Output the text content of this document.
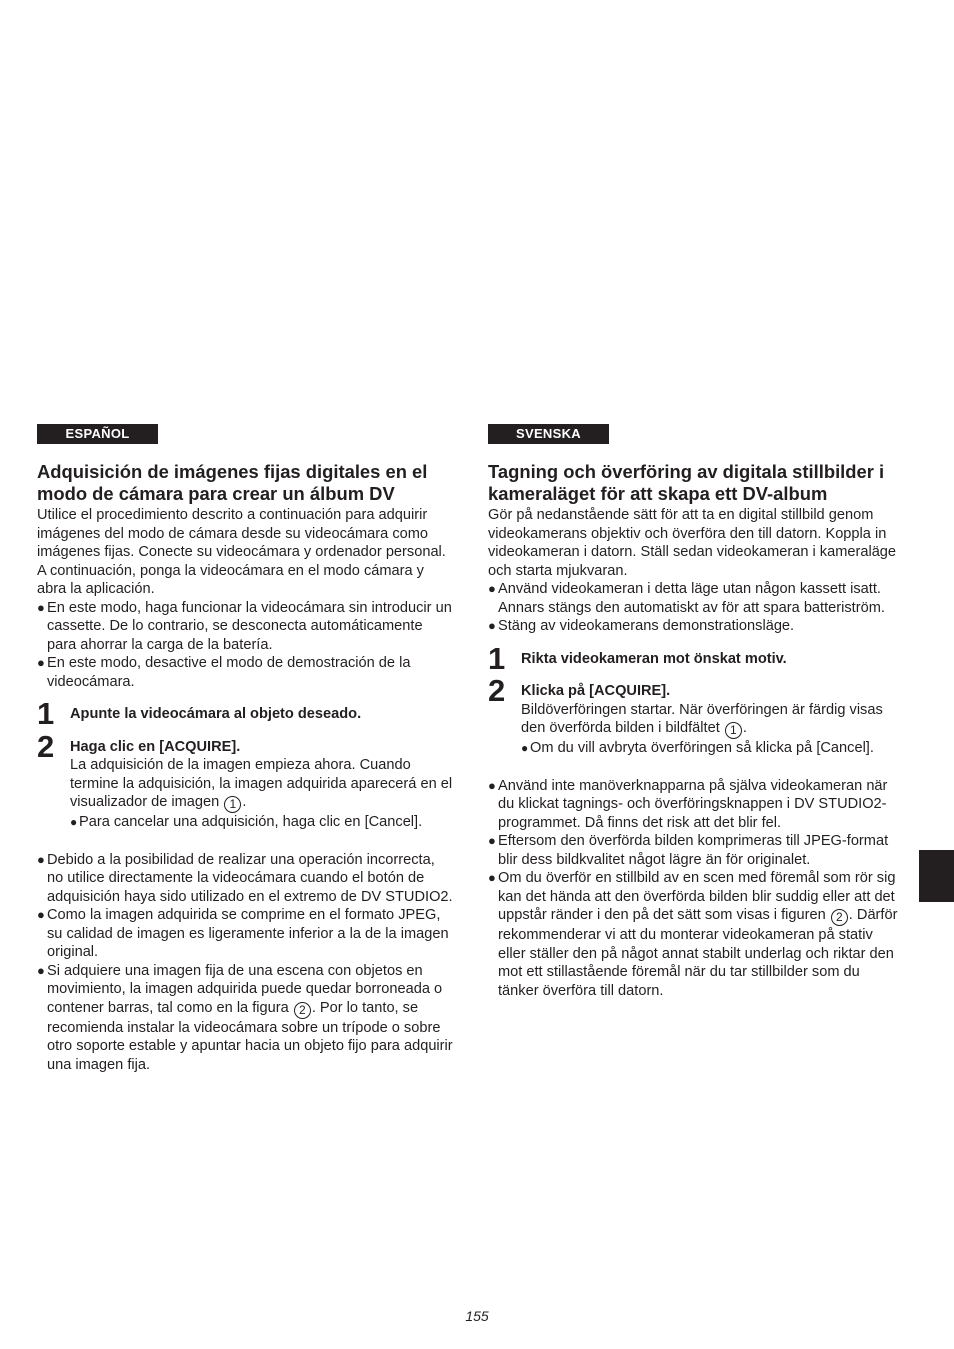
ESPAÑOL
Adquisición de imágenes fijas digitales en el modo de cámara para crear un álbum DV

Utilice el procedimiento descrito a continuación para adquirir imágenes del modo de cámara desde su videocámara como imágenes fijas. Conecte su videocámara y ordenador personal. A continuación, ponga la videocámara en el modo cámara y abra la aplicación.

● En este modo, haga funcionar la videocámara sin introducir un cassette. De lo contrario, se desconecta automáticamente para ahorrar la carga de la batería.
● En este modo, desactive el modo de demostración de la videocámara.
1 Apunte la videocámara al objeto deseado.

2 Haga clic en [ACQUIRE].

La adquisición de la imagen empieza ahora. Cuando termine la adquisición, la imagen adquirida aparecerá en el visualizador de imagen 1 .

● Para cancelar una adquisición, haga clic en [Cancel].
● Debido a la posibilidad de realizar una operación incorrecta, no utilice directamente la videocámara cuando el botón de adquisición haya sido utilizado en el extremo de DV STUDIO2.
● Como la imagen adquirida se comprime en el formato JPEG, su calidad de imagen es ligeramente inferior a la de la imagen original.
● Si adquiere una imagen fija de una escena con objetos en movimiento, la imagen adquirida puede quedar borroneada o contener barras, tal como en la figura 2 . Por lo tanto, se recomienda instalar la videocámara sobre un trípode o sobre otro soporte estable y apuntar hacia un objeto fijo para adquirir una imagen fija.
SVENSKA
Tagning och överföring av digitala stillbilder i kameraläget för att skapa ett DV-album

Gör på nedanstående sätt för att ta en digital stillbild genom videokamerans objektiv och överföra den till datorn. Koppla in videokameran i datorn. Ställ sedan videokameran i kameraläge och starta mjukvaran.

● Använd videokameran i detta läge utan någon kassett isatt. Annars stängs den automatiskt av för att spara batteriström.
● Stäng av videokamerans demonstrationsläge.
1 Rikta videokameran mot önskat motiv.

2 Klicka på [ACQUIRE].

Bildöverföringen startar. När överföringen är färdig visas den överförda bilden i bildfältet 1 .

● Om du vill avbryta överföringen så klicka på [Cancel].
● Använd inte manöverknapparna på själva videokameran när du klickat tagnings- och överföringsknappen i DV STUDIO2-programmet. Då finns det risk att det blir fel.
● Eftersom den överförda bilden komprimeras till JPEG-format blir dess bildkvalitet något lägre än för originalet.
● Om du överför en stillbild av en scen med föremål som rör sig kan det hända att den överförda bilden blir suddig eller att det uppstår ränder i den på det sätt som visas i figuren 2 . Därför rekommenderar vi att du monterar videokameran på stativ eller ställer den på något annat stabilt underlag och riktar den mot ett stillastående föremål när du tar stillbilder som du tänker överföra till datorn.
155
